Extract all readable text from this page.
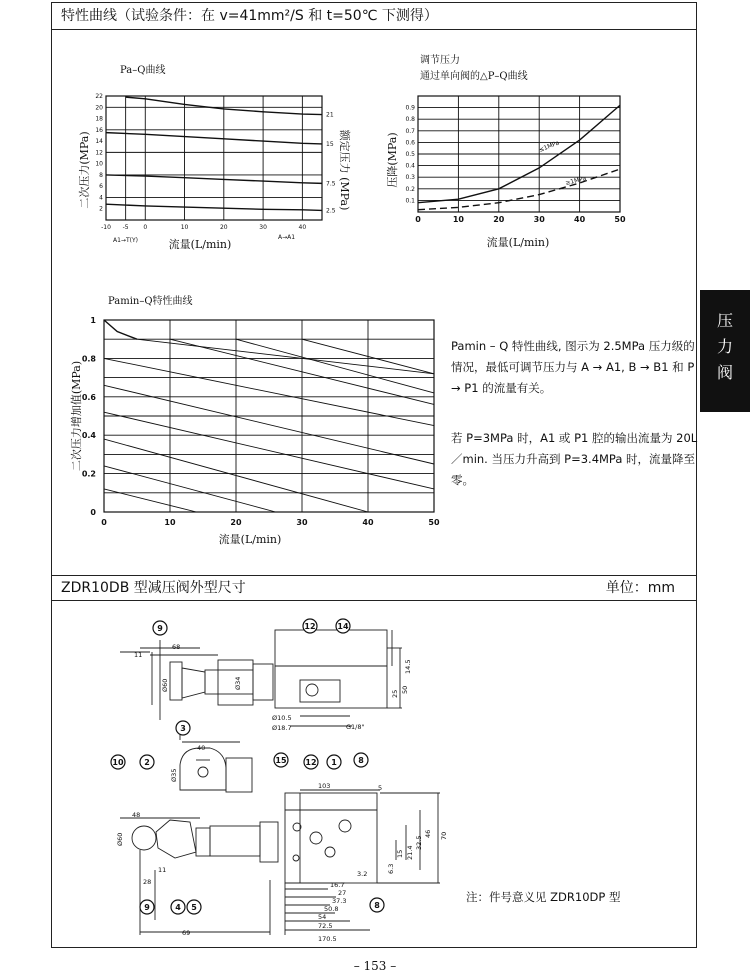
特性曲线（试验条件：在 v=41mm²/S 和 t=50℃ 下测得）
压
力
阀
Pa–Q曲线
22
20
18
16
14
12
10
8
6
4
2
-10 -5 0	10	20	30	40
21
15
7.5
2.5
二次压力(MPa)	额定压力 (MPa)
流量(L/min)
A1→T(Y)	A→A1
调节压力
通过单向阀的△P–Q曲线
0.9
0.8
0.7
0.6
0.5
0.4
0.3
0.2
0.1
0	10	20	30	40	50
压降(MPa)
流量(L/min)
≤1MPa
≥1MPa
Pamin–Q特性曲线
1
0.8
0.6
0.4
0.2
0
0	10	20	30	40	50
二次压力增加值(MPa)
流量(L/min)
68
11
Ø60	Ø34
14.5
50
25
Ø10.5
Ø18.7	G1/8"
40
Ø35
103	5
48
Ø60
15 21.4
32.5
46 70
6.3
28
11
16.7
27
37.3
50.8
54
72.5
170.5
69
3.2
9	12	14
3
10	2	15	8
12 1
8
9	4 5
Pamin – Q 特性曲线, 图示为 2.5MPa 压力级的情况，最低可调节压力与 A → A1, B → B1 和 P → P1 的流量有关。
若 P=3MPa 时，A1 或 P1 腔的输出流量为 20L／min. 当压力升高到 P=3.4MPa 时，流量降至零。
ZDR10DB 型减压阀外型尺寸	单位：mm
注：件号意义见 ZDR10DP 型
– 153 –
